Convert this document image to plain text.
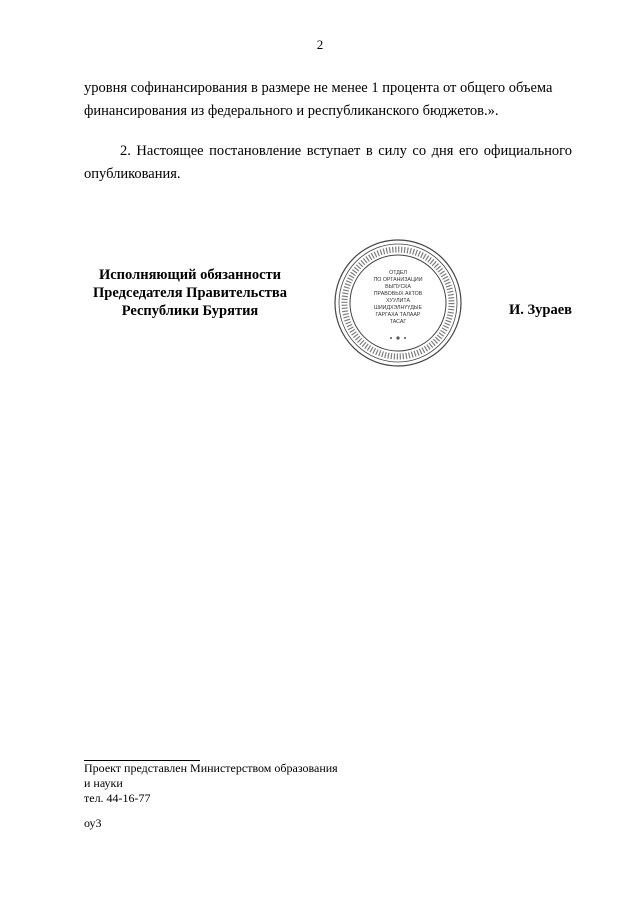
2
уровня софинансирования в размере не менее 1 процента от общего объема финансирования из федерального и республиканского бюджетов.».
2. Настоящее постановление вступает в силу со дня его официального опубликования.
Исполняющий обязанности
Председателя Правительства
Республики Бурятия
ОТДЕЛ
ПО ОРГАНИЗАЦИИ
ВЫПУСКА
ПРАВОВЫХ АКТОВ
ХУУЛИТА
ШИИДХЭЛНҮҮДЫЕ
ГАРГАХА ТАЛААР
ТАСАГ
И. Зураев
Проект представлен Министерством образования
и науки
тел. 44-16-77
оу3
